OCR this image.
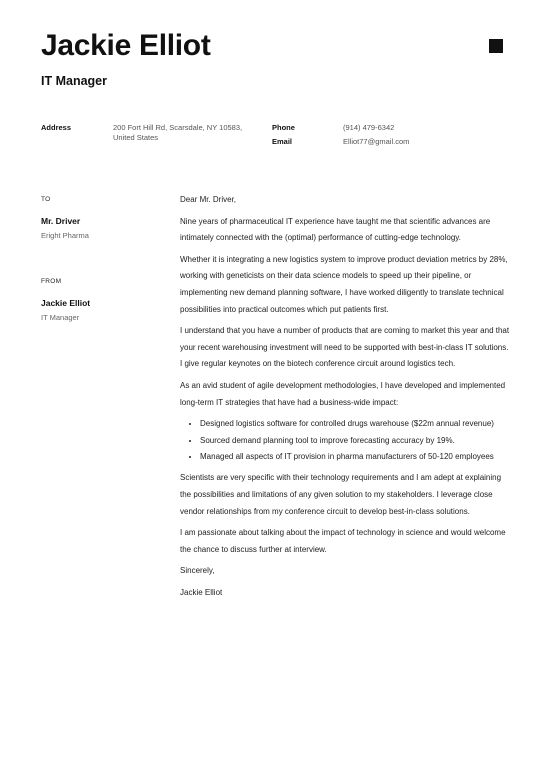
Jackie Elliot
IT Manager
Address	200 Fort Hill Rd, Scarsdale, NY 10583,
United States
Phone	(914) 479-6342
Email	Elliot77@gmail.com
TO
Mr. Driver
Eright Pharma
FROM
Jackie Elliot
IT Manager

Dear Mr. Driver,

Nine years of pharmaceutical IT experience have taught me that scientific advances are intimately connected with the (optimal) performance of cutting-edge technology.

Whether it is integrating a new logistics system to improve product deviation metrics by 28%, working with geneticists on their data science models to speed up their pipeline, or implementing new demand planning software, I have worked diligently to translate technical possibilities into practical outcomes which put patients first.

I understand that you have a number of products that are coming to market this year and that your recent warehousing investment will need to be supported with best-in-class IT solutions. I give regular keynotes on the biotech conference circuit around logistics tech.

As an avid student of agile development methodologies, I have developed and implemented long-term IT strategies that have had a business-wide impact:

• Designed logistics software for controlled drugs warehouse ($22m annual revenue)
• Sourced demand planning tool to improve forecasting accuracy by 19%.
• Managed all aspects of IT provision in pharma manufacturers of 50-120 employees

Scientists are very specific with their technology requirements and I am adept at explaining the possibilities and limitations of any given solution to my stakeholders. I leverage close vendor relationships from my conference circuit to develop best-in-class solutions.

I am passionate about talking about the impact of technology in science and would welcome the chance to discuss further at interview.

Sincerely,

Jackie Elliot
